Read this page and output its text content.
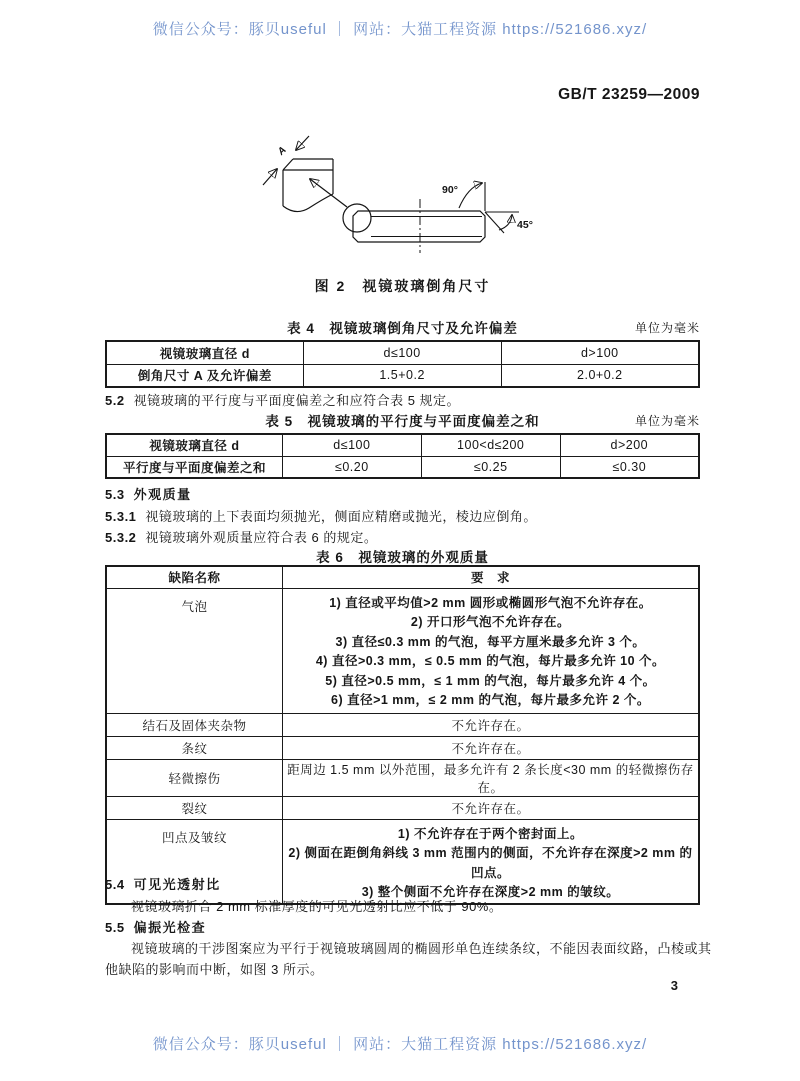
微信公众号：豚贝useful ｜ 网站：大猫工程资源 https://521686.xyz/
GB/T 23259—2009
A
90°
45°
图 2　视镜玻璃倒角尺寸
表 4　视镜玻璃倒角尺寸及允许偏差	单位为毫米
视镜玻璃直径 d	d≤100	d>100
倒角尺寸 A 及允许偏差	1.5+0.2	2.0+0.2
5.2 视镜玻璃的平行度与平面度偏差之和应符合表 5 规定。
表 5　视镜玻璃的平行度与平面度偏差之和	单位为毫米
视镜玻璃直径 d	d≤100	100<d≤200	d>200
平行度与平面度偏差之和	≤0.20	≤0.25	≤0.30
5.3 外观质量
5.3.1 视镜玻璃的上下表面均须抛光，侧面应精磨或抛光，棱边应倒角。
5.3.2 视镜玻璃外观质量应符合表 6 的规定。
表 6　视镜玻璃的外观质量
缺陷名称	要　求
气泡	1) 直径或平均值>2 mm 圆形或椭圆形气泡不允许存在。
2) 开口形气泡不允许存在。
3) 直径≤0.3 mm 的气泡，每平方厘米最多允许 3 个。
4) 直径>0.3 mm，≤ 0.5 mm 的气泡，每片最多允许 10 个。
5) 直径>0.5 mm，≤ 1 mm 的气泡，每片最多允许 4 个。
6) 直径>1 mm，≤ 2 mm 的气泡，每片最多允许 2 个。

结石及固体夹杂物	不允许存在。
条纹	不允许存在。
轻微擦伤	距周边 1.5 mm 以外范围，最多允许有 2 条长度<30 mm 的轻微擦伤存在。
裂纹	不允许存在。
凹点及皱纹	1) 不允许存在于两个密封面上。
2) 侧面在距倒角斜线 3 mm 范围内的侧面，不允许存在深度>2 mm 的凹点。
3) 整个侧面不允许存在深度>2 mm 的皱纹。
5.4 可见光透射比
视镜玻璃折合 2 mm 标准厚度的可见光透射比应不低于 90%。
5.5 偏振光检查
视镜玻璃的干涉图案应为平行于视镜玻璃圆周的椭圆形单色连续条纹，不能因表面纹路，凸棱或其
他缺陷的影响而中断，如图 3 所示。
3
微信公众号：豚贝useful ｜ 网站：大猫工程资源 https://521686.xyz/
